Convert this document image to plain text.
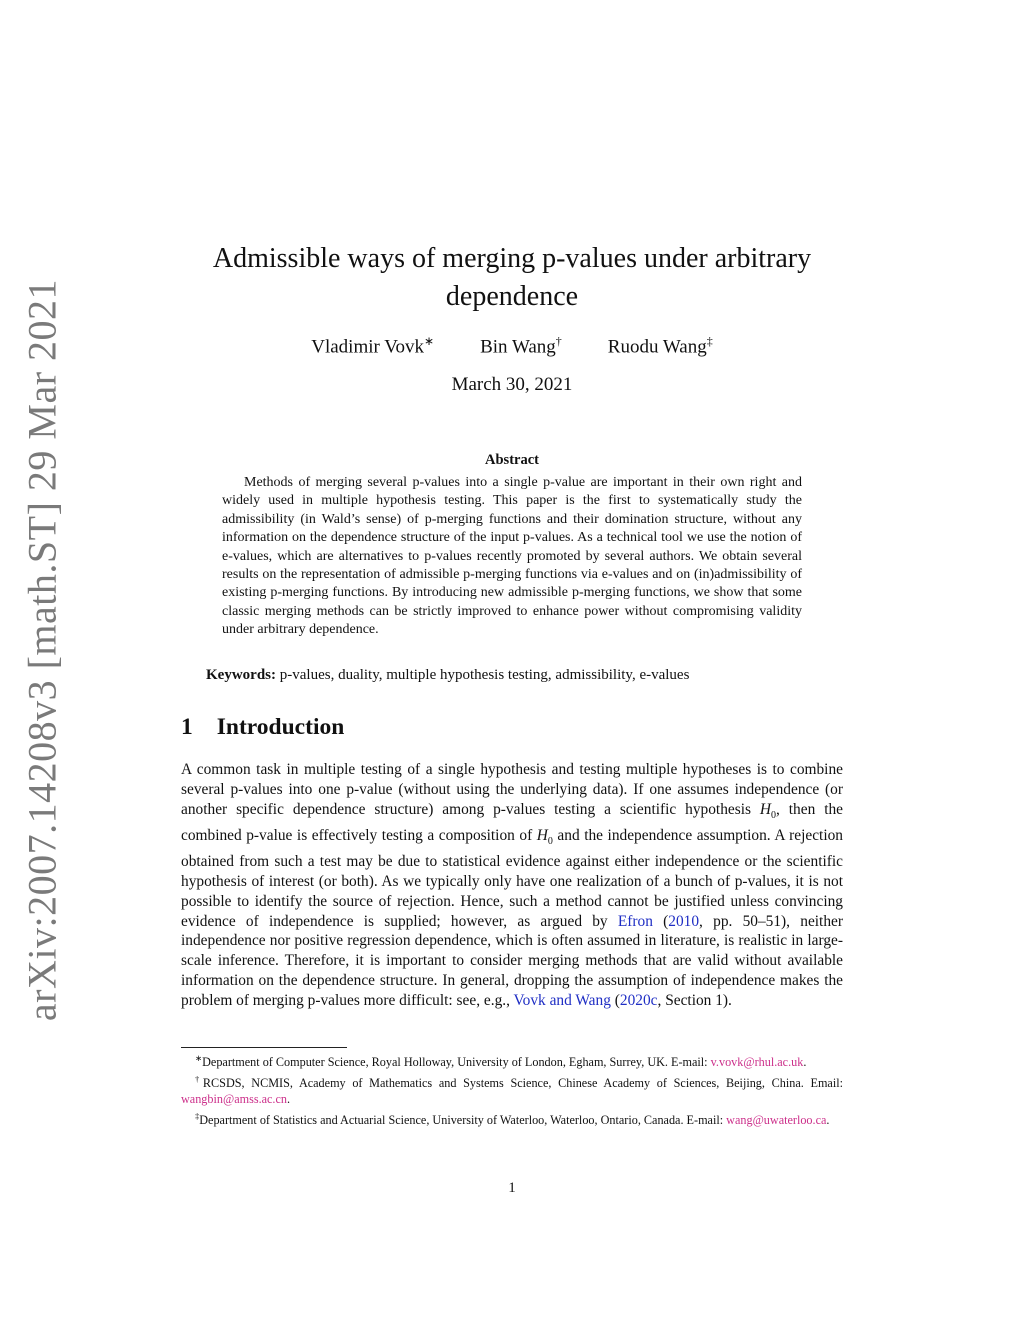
arXiv:2007.14208v3 [math.ST] 29 Mar 2021
Admissible ways of merging p-values under arbitrary
dependence
Vladimir Vovk∗ Bin Wang† Ruodu Wang‡
March 30, 2021
Abstract
Methods of merging several p-values into a single p-value are important in their own right and widely used in multiple hypothesis testing. This paper is the first to systematically study the admissibility (in Wald’s sense) of p-merging functions and their domination structure, without any information on the dependence structure of the input p-values. As a technical tool we use the notion of e-values, which are alternatives to p-values recently promoted by several authors. We obtain several results on the representation of admissible p-merging functions via e-values and on (in)admissibility of existing p-merging functions. By introducing new admissible p-merging functions, we show that some classic merging methods can be strictly improved to enhance power without compromising validity under arbitrary dependence.
Keywords: p-values, duality, multiple hypothesis testing, admissibility, e-values
1 Introduction
A common task in multiple testing of a single hypothesis and testing multiple hypotheses is to combine several p-values into one p-value (without using the underlying data). If one assumes independence (or another specific dependence structure) among p-values testing a scientific hypothesis $H_0$, then the combined p-value is effectively testing a composition of $H_0$ and the independence assumption. A rejection obtained from such a test may be due to statistical evidence against either independence or the scientific hypothesis of interest (or both). As we typically only have one realization of a bunch of p-values, it is not possible to identify the source of rejection. Hence, such a method cannot be justified unless convincing evidence of independence is supplied; however, as argued by Efron (2010, pp. 50–51), neither independence nor positive regression dependence, which is often assumed in literature, is realistic in large-scale inference. Therefore, it is important to consider merging methods that are valid without available information on the dependence structure. In general, dropping the assumption of independence makes the problem of merging p-values more difficult: see, e.g., Vovk and Wang (2020c, Section 1).
∗Department of Computer Science, Royal Holloway, University of London, Egham, Surrey, UK. E-mail: v.vovk@rhul.ac.uk.
†RCSDS, NCMIS, Academy of Mathematics and Systems Science, Chinese Academy of Sciences, Beijing, China. Email: wangbin@amss.ac.cn.
‡Department of Statistics and Actuarial Science, University of Waterloo, Waterloo, Ontario, Canada. E-mail: wang@uwaterloo.ca.
1
